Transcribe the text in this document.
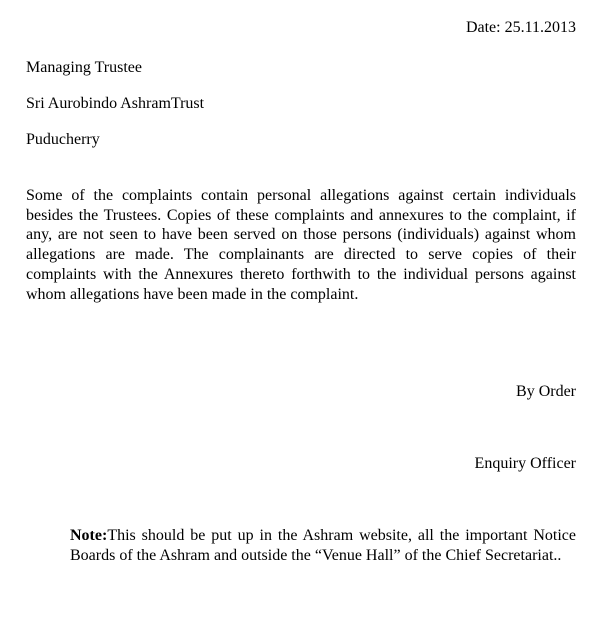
Date: 25.11.2013
Managing Trustee
Sri Aurobindo AshramTrust
Puducherry

Some of the complaints contain personal allegations against certain individuals besides the Trustees. Copies of these complaints and annexures to the complaint, if any, are not seen to have been served on those persons (individuals) against whom allegations are made. The complainants are directed to serve copies of their complaints with the Annexures thereto forthwith to the individual persons against whom allegations have been made in the complaint.

By Order
Enquiry Officer

Note:This should be put up in the Ashram website, all the important Notice Boards of the Ashram and outside the “Venue Hall” of the Chief Secretariat..
